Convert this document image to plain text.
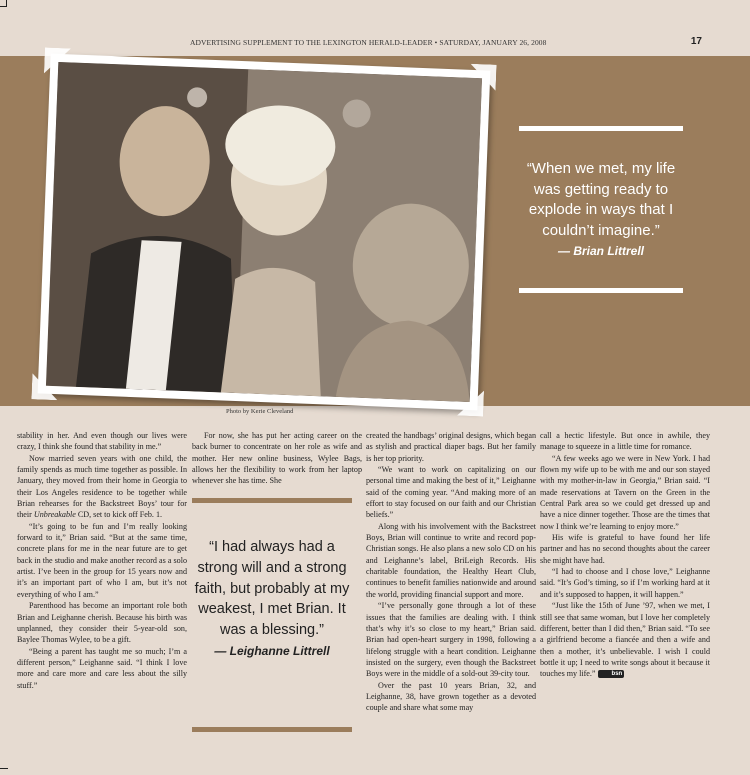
ADVERTISING SUPPLEMENT TO THE LEXINGTON HERALD-LEADER • SATURDAY, JANUARY 26, 2008	17
Photo by Kerie Cleveland
“When we met, my life was getting ready to explode in ways that I couldn’t imagine.”
— Brian Littrell

stability in her. And even though our lives were crazy, I think she found that stability in me.”

Now married seven years with one child, the family spends as much time together as possible. In January, they moved from their home in Georgia to their Los Angeles residence to be together while Brian rehearses for the Backstreet Boys’ tour for their Unbreakable CD, set to kick off Feb. 1.

“It’s going to be fun and I’m really looking forward to it,” Brian said. “But at the same time, concrete plans for me in the near future are to get back in the studio and make another record as a solo artist. I’ve been in the group for 15 years now and it’s an important part of who I am, but it’s not everything of who I am.”

Parenthood has become an important role both Brian and Leighanne cherish. Because his birth was unplanned, they consider their 5-year-old son, Baylee Thomas Wylee, to be a gift.

“Being a parent has taught me so much; I’m a different person,” Leighanne said. “I think I love more and care more and care less about the silly stuff.”

For now, she has put her acting career on the back burner to concentrate on her role as wife and mother. Her new online business, Wylee Bags, allows her the flexibility to work from her laptop whenever she has time. She

“I had always had a strong will and a strong faith, but probably at my weakest, I met Brian. It was a blessing.”
— Leighanne Littrell

created the handbags’ original designs, which began as stylish and practical diaper bags. But her family is her top priority.

“We want to work on capitalizing on our personal time and making the best of it,” Leighanne said of the coming year. “And making more of an effort to stay focused on our faith and our Christian beliefs.”

Along with his involvement with the Backstreet Boys, Brian will continue to write and record pop-Christian songs. He also plans a new solo CD on his and Leighanne’s label, BriLeigh Records. His charitable foundation, the Healthy Heart Club, continues to benefit families nationwide and around the world, providing financial support and more.

“I’ve personally gone through a lot of these issues that the families are dealing with. I think that’s why it’s so close to my heart,” Brian said. Brian had open-heart surgery in 1998, following a lifelong struggle with a heart condition. Leighanne insisted on the surgery, even though the Backstreet Boys were in the middle of a sold-out 39-city tour.

Over the past 10 years Brian, 32, and Leighanne, 38, have grown together as a devoted couple and share what some may

call a hectic lifestyle. But once in awhile, they manage to squeeze in a little time for romance.

“A few weeks ago we were in New York. I had flown my wife up to be with me and our son stayed with my mother-in-law in Georgia,” Brian said. “I made reservations at Tavern on the Green in the Central Park area so we could get dressed up and have a nice dinner together. Those are the times that now I think we’re learning to enjoy more.”

His wife is grateful to have found her life partner and has no second thoughts about the career she might have had.

“I had to choose and I chose love,” Leighanne said. “It’s God’s timing, so if I’m working hard at it and it’s supposed to happen, it will happen.”

“Just like the 15th of June ’97, when we met, I still see that same woman, but I love her completely different, better than I did then,” Brian said. “To see a girlfriend become a fiancée and then a wife and then a mother, it’s unbelievable. I wish I could bottle it up; I need to write songs about it because it touches my life.”	bsn
